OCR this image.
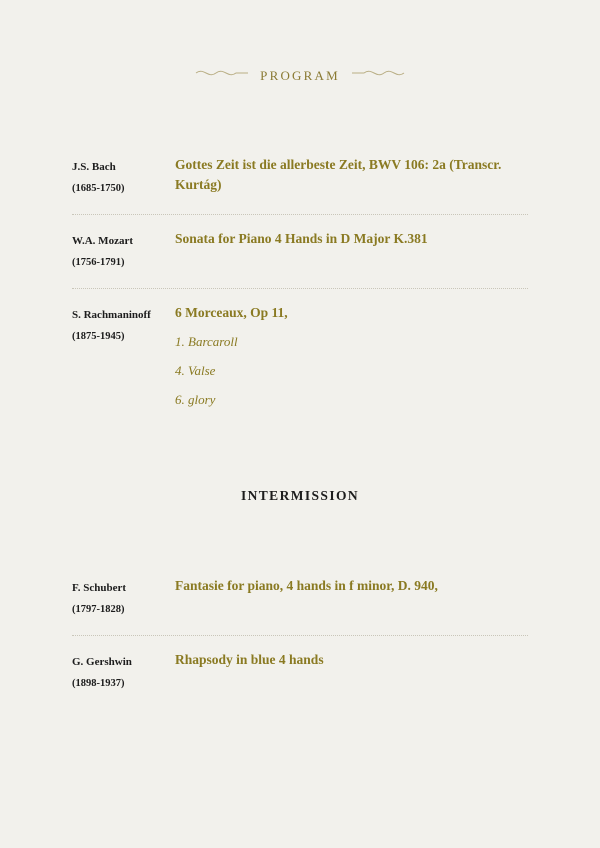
PROGRAM
J.S. Bach
(1685-1750)
Gottes Zeit ist die allerbeste Zeit, BWV 106: 2a (Transcr. Kurtág)
W.A. Mozart
(1756-1791)
Sonata for Piano 4 Hands in D Major K.381
S. Rachmaninoff
(1875-1945)
6 Morceaux, Op 11,
1. Barcaroll
4. Valse
6. glory
INTERMISSION
F. Schubert
(1797-1828)
Fantasie for piano, 4 hands in f minor, D. 940,
G. Gershwin
(1898-1937)
Rhapsody in blue 4 hands
